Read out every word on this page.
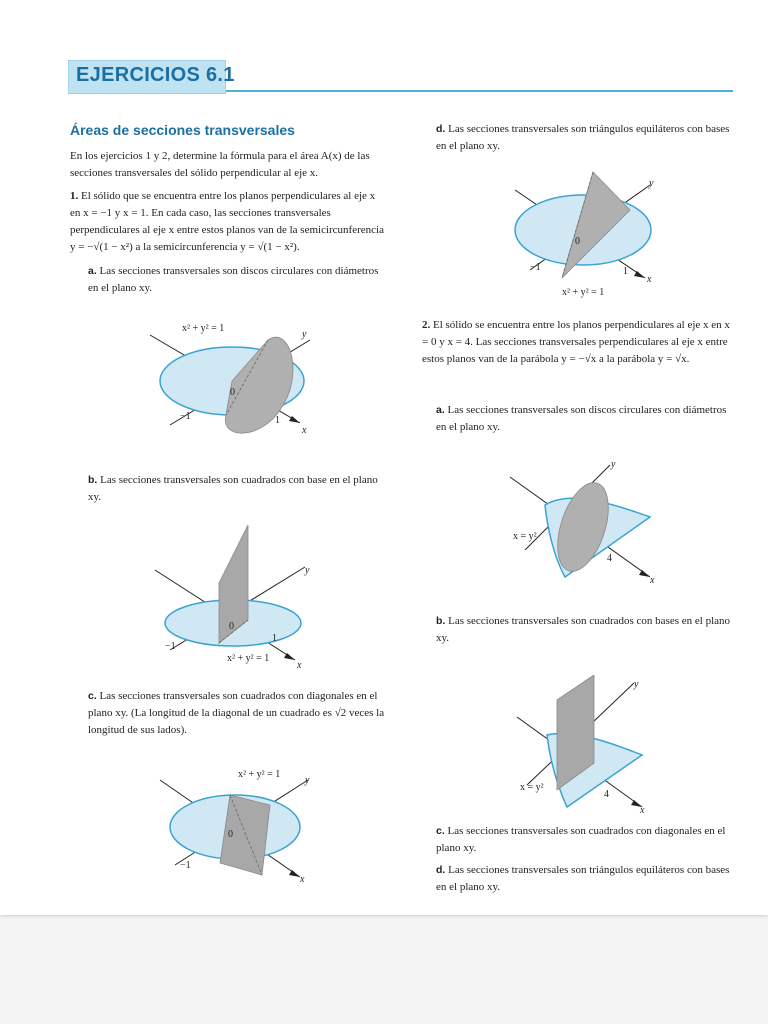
EJERCICIOS 6.1
Áreas de secciones transversales
En los ejercicios 1 y 2, determine la fórmula para el área A(x) de las secciones transversales del sólido perpendicular al eje x.
1. El sólido que se encuentra entre los planos perpendiculares al eje x en x = −1 y x = 1. En cada caso, las secciones transversales perpendiculares al eje x entre estos planos van de la semicircunferencia y = −√(1 − x²) a la semicircunferencia y = √(1 − x²).
a. Las secciones transversales son discos circulares con diámetros en el plano xy.
b. Las secciones transversales son cuadrados con base en el plano xy.
c. Las secciones transversales son cuadrados con diagonales en el plano xy. (La longitud de la diagonal de un cuadrado es √2 veces la longitud de sus lados).
d. Las secciones transversales son triángulos equiláteros con bases en el plano xy.
2. El sólido se encuentra entre los planos perpendiculares al eje x en x = 0 y x = 4. Las secciones transversales perpendiculares al eje x entre estos planos van de la parábola y = −√x a la parábola y = √x.
a. Las secciones transversales son discos circulares con diámetros en el plano xy.
b. Las secciones transversales son cuadrados con bases en el plano xy.
c. Las secciones transversales son cuadrados con diagonales en el plano xy.
d. Las secciones transversales son triángulos equiláteros con bases en el plano xy.
x² + y² = 1
y
x
0
−1	1
y
x
0
−1
1
x² + y² = 1
x² + y² = 1
y
x
0
−1
y
x
0
−1	1
x² + y² = 1
y
x
x = y²
4
y
x
x = y²
4
